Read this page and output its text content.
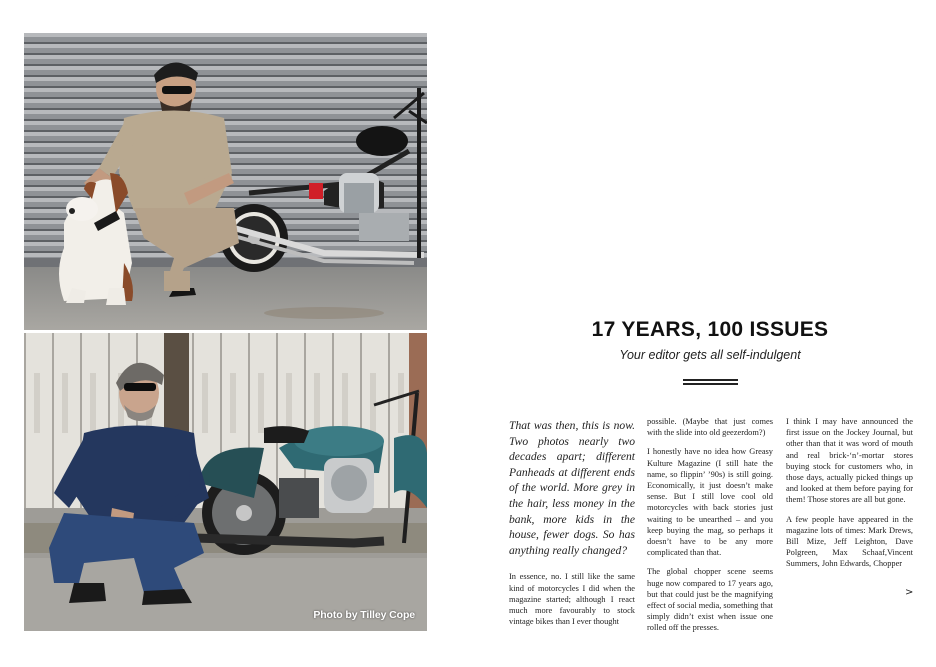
Photo by Tilley Cope
17 YEARS, 100 ISSUES
Your editor gets all self-indulgent

That was then, this is now. Two photos nearly two decades apart; different Panheads at different ends of the world. More grey in the hair, less money in the bank, more kids in the house, fewer dogs. So has anything really changed?

In essence, no. I still like the same kind of motorcycles I did when the magazine started; although I react much more favourably to stock vintage bikes than I ever thought

possible. (Maybe that just comes with the slide into old geezerdom?)

I honestly have no idea how Greasy Kulture Magazine (I still hate the name, so flippin’ ’90s) is still going. Economically, it just doesn’t make sense. But I still love cool old motorcycles with back stories just waiting to be unearthed – and you keep buying the mag, so perhaps it doesn’t have to be any more complicated than that.

The global chopper scene seems huge now compared to 17 years ago, but that could just be the magnifying effect of social media, something that simply didn’t exist when issue one rolled off the presses.

I think I may have announced the first issue on the Jockey Journal, but other than that it was word of mouth and real brick-‘n’-mortar stores buying stock for customers who, in those days, actually picked things up and looked at them before paying for them! Those stores are all but gone.

A few people have appeared in the magazine lots of times: Mark Drews, Bill Mize, Jeff Leighton, Dave Polgreen, Max Schaaf,Vincent Summers, John Edwards, Chopper

>
